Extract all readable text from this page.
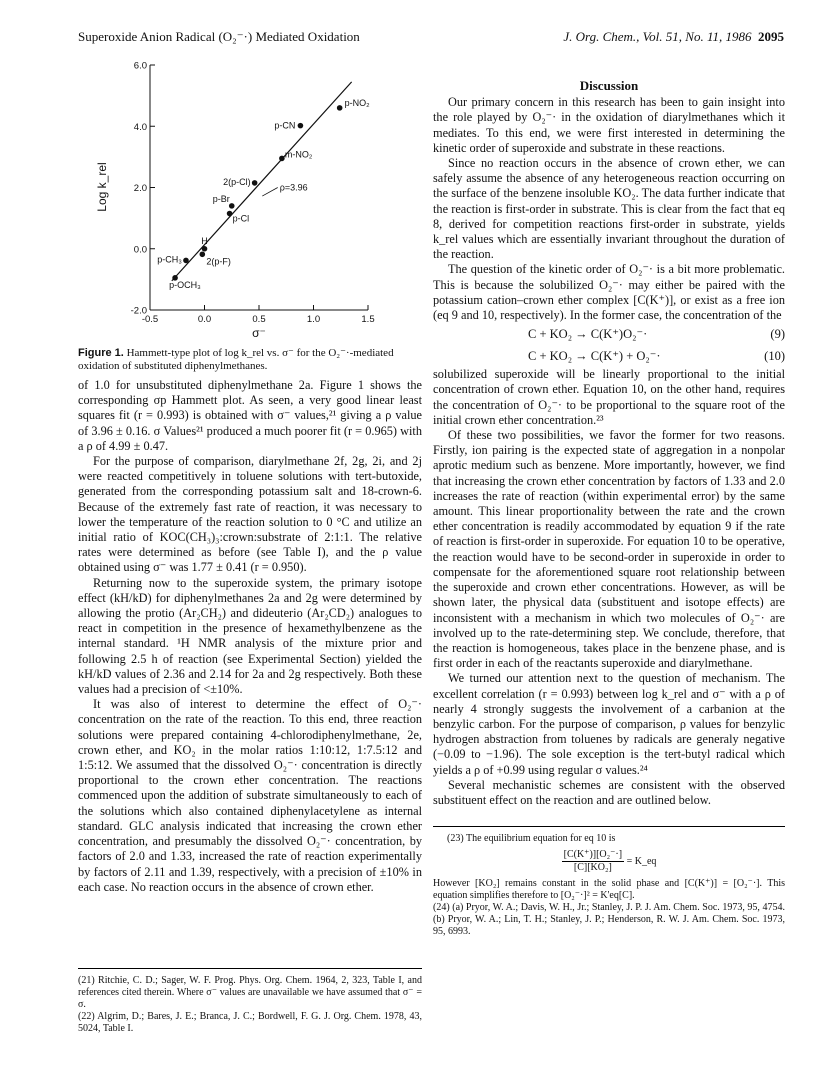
Superoxide Anion Radical (O₂⁻·) Mediated Oxidation	J. Org. Chem., Vol. 51, No. 11, 1986 2095
-0.5	0.0	0.5	1.0	1.5
-2.0
0.0
2.0
4.0
6.0
p-NO₂
p-CN
m-NO₂
2(p-Cl)
p-Br
p-Cl
H
2(p-F)
p-CH₃
p-OCH₃
σ⁻
Log k_rel	ρ=3.96
Figure 1. Hammett-type plot of log k_rel vs. σ⁻ for the O₂⁻·-mediated oxidation of substituted diphenylmethanes.

of 1.0 for unsubstituted diphenylmethane 2a. Figure 1 shows the corresponding σp Hammett plot. As seen, a very good linear least squares fit (r = 0.993) is obtained with σ⁻ values,²¹ giving a ρ value of 3.96 ± 0.16. σ Values²¹ produced a much poorer fit (r = 0.965) with a ρ of 4.99 ± 0.47.

For the purpose of comparison, diarylmethane 2f, 2g, 2i, and 2j were reacted competitively in toluene solutions with tert-butoxide, generated from the corresponding potassium salt and 18-crown-6. Because of the extremely fast rate of reaction, it was necessary to lower the temperature of the reaction solution to 0 °C and utilize an initial ratio of KOC(CH₃)₃:crown:substrate of 2:1:1. The relative rates were determined as before (see Table I), and the ρ value obtained using σ⁻ was 1.77 ± 0.41 (r = 0.950).

Returning now to the superoxide system, the primary isotope effect (kH/kD) for diphenylmethanes 2a and 2g were determined by allowing the protio (Ar₂CH₂) and dideuterio (Ar₂CD₂) analogues to react in competition in the presence of hexamethylbenzene as the internal standard. ¹H NMR analysis of the mixture prior and following 2.5 h of reaction (see Experimental Section) yielded the kH/kD values of 2.36 and 2.14 for 2a and 2g respectively. Both these values had a precision of <±10%.

It was also of interest to determine the effect of O₂⁻· concentration on the rate of the reaction. To this end, three reaction solutions were prepared containing 4-chlorodiphenylmethane, 2e, crown ether, and KO₂ in the molar ratios 1:10:12, 1:7.5:12 and 1:5:12. We assumed that the dissolved O₂⁻· concentration is directly proportional to the crown ether concentration. The reactions commenced upon the addition of substrate simultaneously to each of the solutions which also contained diphenylacetylene as internal standard. GLC analysis indicated that increasing the crown ether concentration, and presumably the dissolved O₂⁻· concentration, by factors of 2.0 and 1.33, increased the rate of reaction experimentally by factors of 2.11 and 1.39, respectively, with a precision of ±10% in each case. No reaction occurs in the absence of crown ether.

(21) Ritchie, C. D.; Sager, W. F. Prog. Phys. Org. Chem. 1964, 2, 323, Table I, and references cited therein. Where σ⁻ values are unavailable we have assumed that σ⁻ = σ.

(22) Algrim, D.; Bares, J. E.; Branca, J. C.; Bordwell, F. G. J. Org. Chem. 1978, 43, 5024, Table I.

Discussion

Our primary concern in this research has been to gain insight into the role played by O₂⁻· in the oxidation of diarylmethanes which it mediates. To this end, we were first interested in determining the kinetic order of superoxide and substrate in these reactions.

Since no reaction occurs in the absence of crown ether, we can safely assume the absence of any heterogeneous reaction occurring on the surface of the benzene insoluble KO₂. The data further indicate that the reaction is first-order in substrate. This is clear from the fact that eq 8, derived for competition reactions first-order in substrate, yields k_rel values which are essentially invariant throughout the duration of the reaction.

The question of the kinetic order of O₂⁻· is a bit more problematic. This is because the solubilized O₂⁻· may either be paired with the potassium cation–crown ether complex [C(K⁺)], or exist as a free ion (eq 9 and 10, respectively). In the former case, the concentration of the

C + KO₂ → C(K⁺)O₂⁻·	(9)
C + KO₂ → C(K⁺) + O₂⁻·	(10)

solubilized superoxide will be linearly proportional to the initial concentration of crown ether. Equation 10, on the other hand, requires the concentration of O₂⁻· to be proportional to the square root of the initial crown ether concentration.²³

Of these two possibilities, we favor the former for two reasons. Firstly, ion pairing is the expected state of aggregation in a nonpolar aprotic medium such as benzene. More importantly, however, we find that increasing the crown ether concentration by factors of 1.33 and 2.0 increases the rate of reaction (within experimental error) by the same amount. This linear proportionality between the rate and the crown ether concentration is readily accommodated by equation 9 if the rate of reaction is first-order in superoxide. For equation 10 to be operative, the reaction would have to be second-order in superoxide in order to compensate for the aforementioned square root relationship between the superoxide and crown ether concentrations. However, as will be shown later, the physical data (substituent and isotope effects) are inconsistent with a mechanism in which two molecules of O₂⁻· are involved up to the rate-determining step. We conclude, therefore, that the reaction is homogeneous, takes place in the benzene phase, and is first order in each of the reactants superoxide and diarylmethane.

We turned our attention next to the question of mechanism. The excellent correlation (r = 0.993) between log k_rel and σ⁻ with a ρ of nearly 4 strongly suggests the involvement of a carbanion at the benzylic carbon. For the purpose of comparison, ρ values for benzylic hydrogen abstraction from toluenes by radicals are generaly negative (−0.09 to −1.96). The sole exception is the tert-butyl radical which yields a ρ of +0.99 using regular σ values.²⁴

Several mechanistic schemes are consistent with the observed substituent effect on the reaction and are outlined below.

(23) The equilibrium equation for eq 10 is

$\frac{\text{[C(K⁺)][O₂⁻·]}}{\text{[C][KO₂]}}$ = K_eq

However [KO₂] remains constant in the solid phase and [C(K⁺)] = [O₂⁻·]. This equation simplifies therefore to [O₂⁻·]² = K'eq[C].

(24) (a) Pryor, W. A.; Davis, W. H., Jr.; Stanley, J. P. J. Am. Chem. Soc. 1973, 95, 4754. (b) Pryor, W. A.; Lin, T. H.; Stanley, J. P.; Henderson, R. W. J. Am. Chem. Soc. 1973, 95, 6993.
